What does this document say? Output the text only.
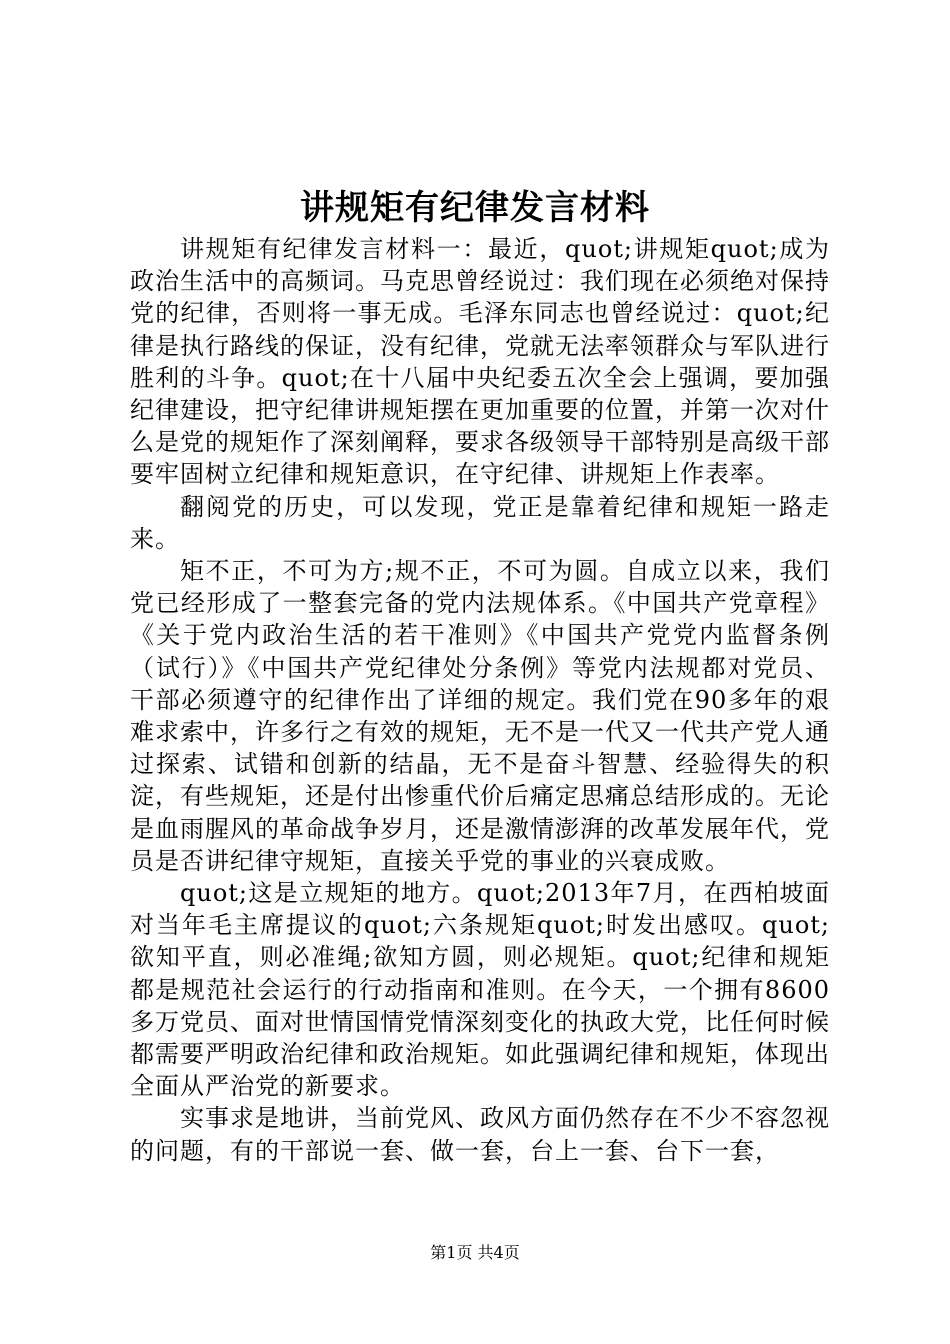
讲规矩有纪律发言材料

讲规矩有纪律发言材料一：最近，quot;讲规矩quot;成为政治生活中的高频词。马克思曾经说过：我们现在必须绝对保持党的纪律，否则将一事无成。毛泽东同志也曾经说过：quot;纪律是执行路线的保证，没有纪律，党就无法率领群众与军队进行胜利的斗争。quot;在十八届中央纪委五次全会上强调，要加强纪律建设，把守纪律讲规矩摆在更加重要的位置，并第一次对什么是党的规矩作了深刻阐释，要求各级领导干部特别是高级干部要牢固树立纪律和规矩意识，在守纪律、讲规矩上作表率。

翻阅党的历史，可以发现，党正是靠着纪律和规矩一路走来。

矩不正，不可为方;规不正，不可为圆。自成立以来，我们党已经形成了一整套完备的党内法规体系。《中国共产党章程》《关于党内政治生活的若干准则》《中国共产党党内监督条例（试行）》《中国共产党纪律处分条例》等党内法规都对党员、干部必须遵守的纪律作出了详细的规定。我们党在90多年的艰难求索中，许多行之有效的规矩，无不是一代又一代共产党人通过探索、试错和创新的结晶，无不是奋斗智慧、经验得失的积淀，有些规矩，还是付出惨重代价后痛定思痛总结形成的。无论是血雨腥风的革命战争岁月，还是激情澎湃的改革发展年代，党员是否讲纪律守规矩，直接关乎党的事业的兴衰成败。

quot;这是立规矩的地方。quot;2013年7月，在西柏坡面对当年毛主席提议的quot;六条规矩quot;时发出感叹。quot;欲知平直，则必准绳;欲知方圆，则必规矩。quot;纪律和规矩都是规范社会运行的行动指南和准则。在今天，一个拥有8600多万党员、面对世情国情党情深刻变化的执政大党，比任何时候都需要严明政治纪律和政治规矩。如此强调纪律和规矩，体现出全面从严治党的新要求。

实事求是地讲，当前党风、政风方面仍然存在不少不容忽视的问题，有的干部说一套、做一套，台上一套、台下一套，

第1页 共4页
